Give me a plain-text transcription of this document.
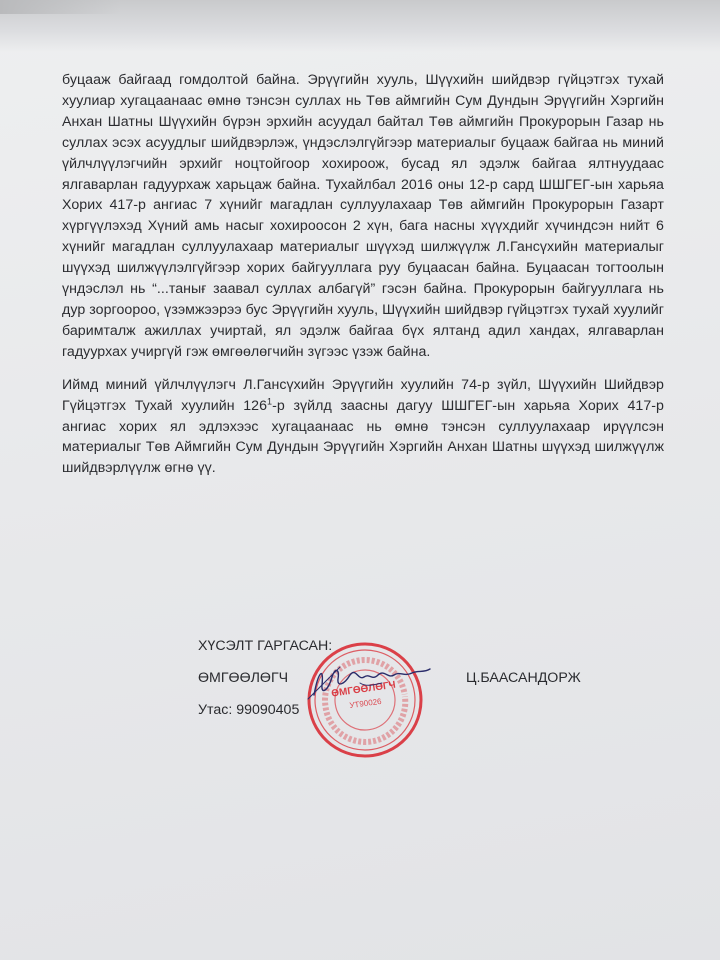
буцааж байгаад гомдолтой байна. Эрүүгийн хууль, Шүүхийн шийдвэр гүйцэтгэх тухай хуулиар хугацаанаас өмнө тэнсэн суллах нь Төв аймгийн Сум Дундын Эрүүгийн Хэргийн Анхан Шатны Шүүхийн бүрэн эрхийн асуудал байтал Төв аймгийн Прокурорын Газар нь суллах эсэх асуудлыг шийдвэрлэж, үндэслэлгүйгээр материалыг буцааж байгаа нь миний үйлчлүүлэгчийн эрхийг ноцтойгоор хохироож, бусад ял эдэлж байгаа ялтнуудаас ялгаварлан гадуурхаж харьцаж байна. Тухайлбал 2016 оны 12-р сард ШШГЕГ-ын харьяа Хорих 417-р ангиас 7 хүнийг магадлан суллуулахаар Төв аймгийн Прокурорын Газарт хүргүүлэхэд Хүний амь насыг хохироосон 2 хүн, бага насны хүүхдийг хүчиндсэн нийт 6 хүнийг магадлан суллуулахаар материалыг шүүхэд шилжүүлж Л.Гансүхийн материалыг шүүхэд шилжүүлэлгүйгээр хорих байгууллага руу буцаасан байна. Буцаасан тогтоолын үндэслэл нь “...танығ заавал суллах албагүй” гэсэн байна. Прокурорын байгууллага нь дур зоргоороо, үзэмжээрээ бус Эрүүгийн хууль, Шүүхийн шийдвэр гүйцэтгэх тухай хуулийг баримталж ажиллах учиртай, ял эдэлж байгаа бүх ялтанд адил хандах, ялгаварлан гадуурхах учиргүй гэж өмгөөлөгчийн зүгээс үзэж байна.

Иймд миний үйлчлүүлэгч Л.Гансүхийн Эрүүгийн хуулийн 74-р зүйл, Шүүхийн Шийдвэр Гүйцэтгэх Тухай хуулийн $126^1-р$ зүйлд заасны дагуу ШШГЕГ-ын харьяа Хорих 417-р ангиас хорих ял эдлэхээс хугацаанаас нь өмнө тэнсэн суллуулахаар ирүүлсэн материалыг Төв Аймгийн Сум Дундын Эрүүгийн Хэргийн Анхан Шатны шүүхэд шилжүүлж шийдвэрлүүлж өгнө үү.

ХҮСЭЛТ ГАРГАСАН:
ӨМГӨӨЛӨГЧ	Ц.БААСАНДОРЖ
Утас: 99090405
ӨМГӨӨЛӨГЧ
УТ90026
